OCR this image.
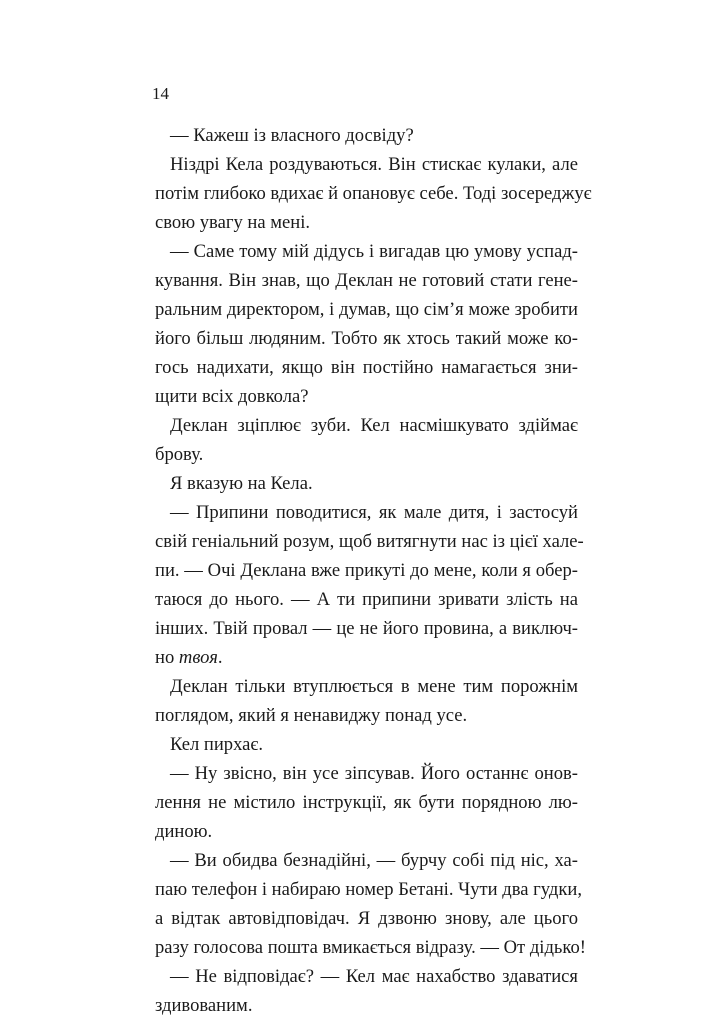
14
— Кажеш із власного досвіду?
Ніздрі Кела роздуваються. Він стискає кулаки, але
потім глибоко вдихає й опановує себе. Тоді зосереджує
свою увагу на мені.
— Саме тому мій дідусь і вигадав цю умову успад-
кування. Він знав, що Деклан не готовий стати гене-
ральним директором, і думав, що сім’я може зробити
його більш людяним. Тобто як хтось такий може ко-
гось надихати, якщо він постійно намагається зни-
щити всіх довкола?
Деклан зціплює зуби. Кел насмішкувато здіймає
брову.
Я вказую на Кела.
— Припини поводитися, як мале дитя, і застосуй
свій геніальний розум, щоб витягнути нас із цієї хале-
пи. — Очі Деклана вже прикуті до мене, коли я обер-
таюся до нього. — А ти припини зривати злість на
інших. Твій провал — це не його провина, а виключ-
но твоя.
Деклан тільки втуплюється в мене тим порожнім
поглядом, який я ненавиджу понад усе.
Кел пирхає.
— Ну звісно, він усе зіпсував. Його останнє онов-
лення не містило інструкції, як бути порядною лю-
диною.
— Ви обидва безнадійні, — бурчу собі під ніс, ха-
паю телефон і набираю номер Бетані. Чути два гудки,
а відтак автовідповідач. Я дзвоню знову, але цього
разу голосова пошта вмикається відразу. — От дідько!
— Не відповідає? — Кел має нахабство здаватися
здивованим.
